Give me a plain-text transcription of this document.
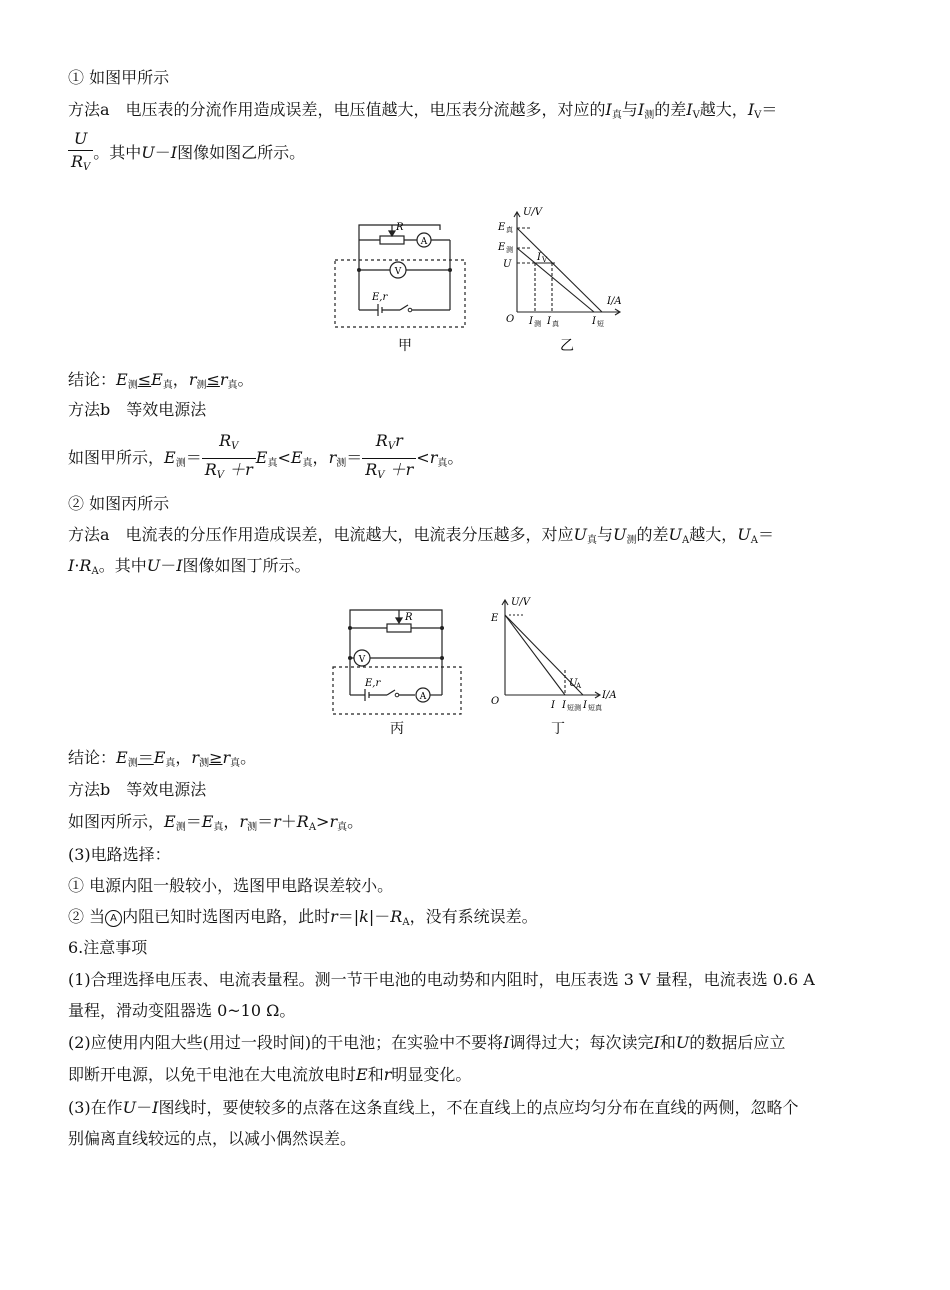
① 如图甲所示
方法a　电压表的分流作用造成误差，电压值越大，电压表分流越多，对应的$I_真$与$I_测$的差$I_V$越大，$I_V=$
$\frac{U}{R_V}$ 。其中U－I图像如图乙所示。
R
A
V
E,r
甲
U/V
I/A
O
E 真
E 测
U
I V
I 测 I 真	I 短
乙
结论：$E_测\le E_真$，$r_测\le r_真$。
方法b　等效电源法
如图甲所示，$E_测= \frac{R_V}{R_V +r} E_真<E_真$，$r_测= \frac{R_Vr}{R_V +r} <r_真$。
② 如图丙所示
方法a　电流表的分压作用造成误差，电流越大，电流表分压越多，对应$U_真$与$U_测$的差$U_A$越大，$U_A=$
$I\cdot R_A$。其中U－I图像如图丁所示。
R
V
A
E,r
丙
U/V
I/A
O
E
U
A
I I 短测 I 短真
丁
结论：$E_测=E_真$，$r_测\ge r_真$。
方法b　等效电源法
如图丙所示，$E_测=E_真$，$r_测=r+R_A>r_真$。
(3)电路选择：
① 电源内阻一般较小，选图甲电路误差较小。
② 当 A 内阻已知时选图丙电路，此时$r=|k|-R_A$，没有系统误差。
6.注意事项
(1)合理选择电压表、电流表量程。测一节干电池的电动势和内阻时，电压表选 3 V 量程，电流表选 0.6 A
量程，滑动变阻器选 0~10 Ω。
(2)应使用内阻大些(用过一段时间)的干电池；在实验中不要将I调得过大；每次读完I和U的数据后应立
即断开电源，以免干电池在大电流放电时E和r明显变化。
(3)在作U－I图线时，要使较多的点落在这条直线上，不在直线上的点应均匀分布在直线的两侧，忽略个
别偏离直线较远的点，以减小偶然误差。
